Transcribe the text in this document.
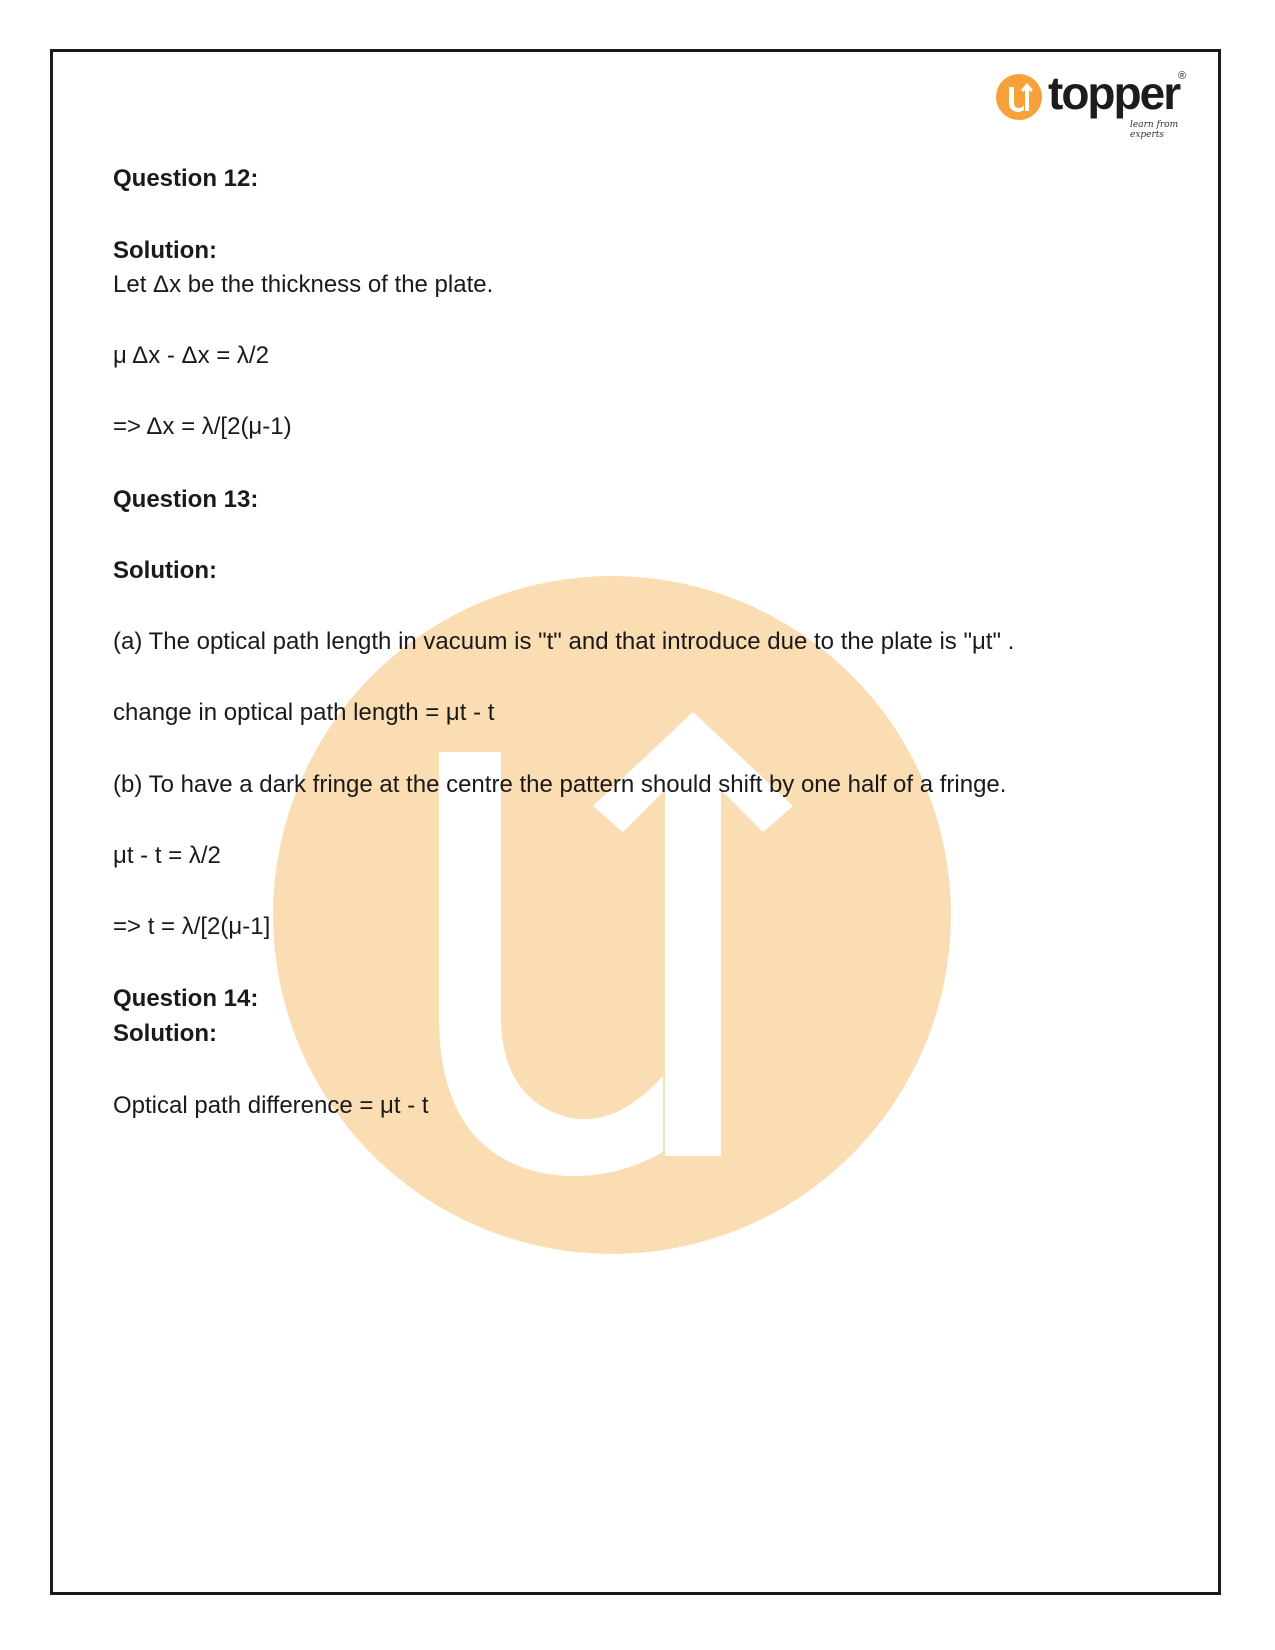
topper
®
learn from experts
Question 12:
Solution:
Let Δx be the thickness of the plate.
μ Δx - Δx = λ/2
=> Δx = λ/[2(μ-1)
Question 13:
Solution:
(a) The optical path length in vacuum is "t" and that introduce due to the plate is "μt" .
change in optical path length = μt - t
(b) To have a dark fringe at the centre the pattern should shift by one half of a fringe.
μt - t = λ/2
=> t = λ/[2(μ-1]
Question 14:
Solution:
Optical path difference = μt - t
